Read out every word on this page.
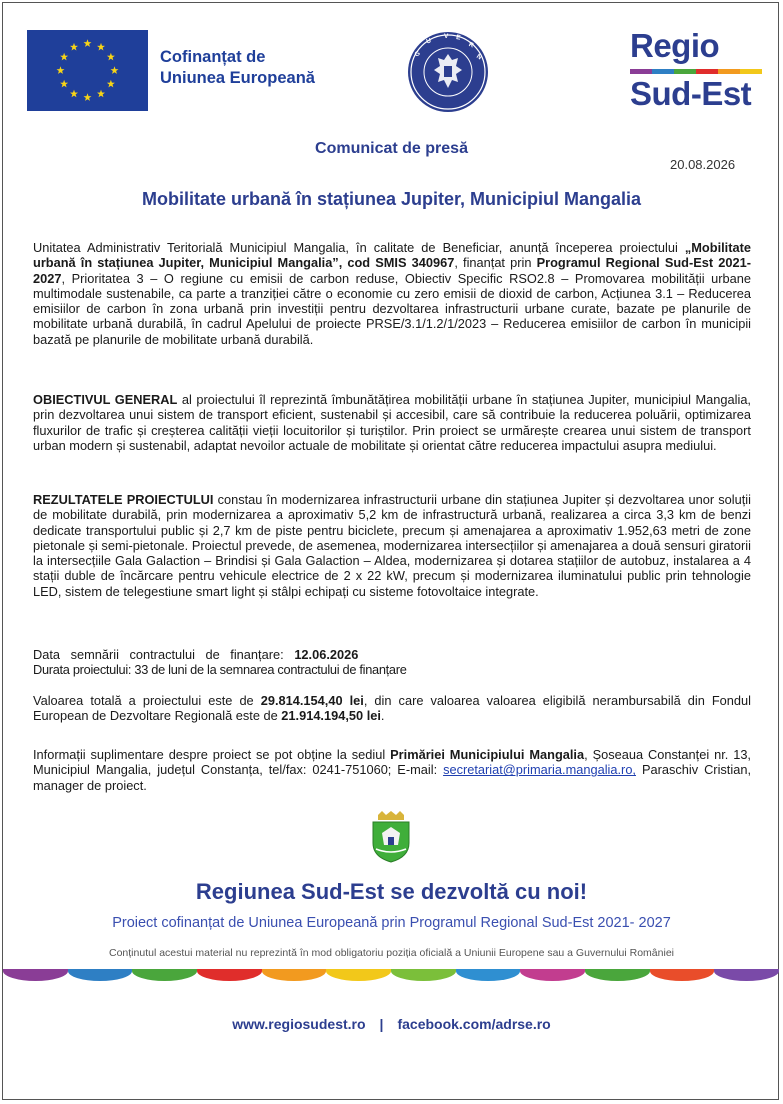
Cofinanțat de
Uniunea Europeană
G
U
V E
R
N	Regio
Sud-Est
Comunicat de presă
20.08.2026
Mobilitate urbană în stațiunea Jupiter, Municipiul Mangalia
Unitatea Administrativ Teritorială Municipiul Mangalia, în calitate de Beneficiar, anunță începerea proiectului „Mobilitate urbană în stațiunea Jupiter, Municipiul Mangalia”, cod SMIS 340967, finanțat prin Programul Regional Sud-Est 2021-2027, Prioritatea 3 – O regiune cu emisii de carbon reduse, Obiectiv Specific RSO2.8 – Promovarea mobilității urbane multimodale sustenabile, ca parte a tranziției către o economie cu zero emisii de dioxid de carbon, Acțiunea 3.1 – Reducerea emisiilor de carbon în zona urbană prin investiții pentru dezvoltarea infrastructurii urbane curate, bazate pe planurile de mobilitate urbană durabilă, în cadrul Apelului de proiecte PRSE/3.1/1.2/1/2023 – Reducerea emisiilor de carbon în municipii bazată pe planurile de mobilitate urbană durabilă.
OBIECTIVUL GENERAL al proiectului îl reprezintă îmbunătățirea mobilității urbane în stațiunea Jupiter, municipiul Mangalia, prin dezvoltarea unui sistem de transport eficient, sustenabil și accesibil, care să contribuie la reducerea poluării, optimizarea fluxurilor de trafic și creșterea calității vieții locuitorilor și turiștilor. Prin proiect se urmărește crearea unui sistem de transport urban modern și sustenabil, adaptat nevoilor actuale de mobilitate și orientat către reducerea impactului asupra mediului.
REZULTATELE PROIECTULUI constau în modernizarea infrastructurii urbane din stațiunea Jupiter și dezvoltarea unor soluții de mobilitate durabilă, prin modernizarea a aproximativ 5,2 km de infrastructură urbană, realizarea a circa 3,3 km de benzi dedicate transportului public și 2,7 km de piste pentru biciclete, precum și amenajarea a aproximativ 1.952,63 metri de zone pietonale și semi-pietonale. Proiectul prevede, de asemenea, modernizarea intersecțiilor și amenajarea a două sensuri giratorii la intersecțiile Gala Galaction – Brindisi și Gala Galaction – Aldea, modernizarea și dotarea stațiilor de autobuz, instalarea a 4 stații duble de încărcare pentru vehicule electrice de 2 x 22 kW, precum și modernizarea iluminatului public prin tehnologie LED, sistem de telegestiune smart light și stâlpi echipați cu sisteme fotovoltaice integrate.
Data semnării contractului de finanțare: 12.06.2026
Durata proiectului: 33 de luni de la semnarea contractului de finanțare
Valoarea totală a proiectului este de 29.814.154,40 lei, din care valoarea valoarea eligibilă nerambursabilă din Fondul European de Dezvoltare Regională este de 21.914.194,50 lei.
Informații suplimentare despre proiect se pot obține la sediul Primăriei Municipiului Mangalia, Șoseaua Constanței nr. 13, Municipiul Mangalia, județul Constanța, tel/fax: 0241-751060; E-mail: secretariat@primaria.mangalia.ro, Paraschiv Cristian, manager de proiect.
Regiunea Sud-Est se dezvoltă cu noi!
Proiect cofinanțat de Uniunea Europeană prin Programul Regional Sud-Est 2021- 2027
Conținutul acestui material nu reprezintă în mod obligatoriu poziția oficială a Uniunii Europene sau a Guvernului României
www.regiosudest.ro | facebook.com/adrse.ro
